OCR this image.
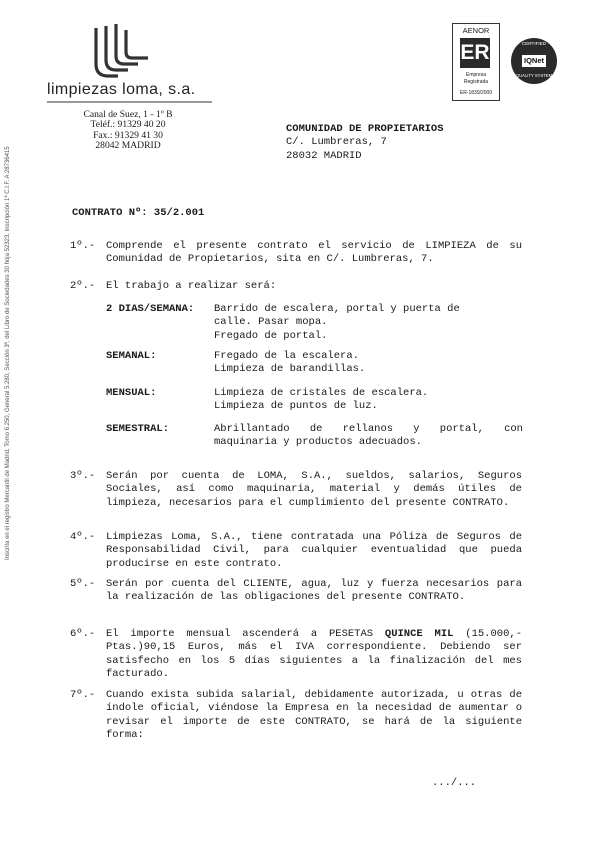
limpiezas loma, s.a.
Canal de Suez, 1 - 1º B
Teléf.: 91329 40 20
Fax.: 91329 41 30
28042 MADRID
AENOR
ER
Empresa
Registrada
ER-1839/2000
CERTIFIED
IQNet
QUALITY SYSTEM
COMUNIDAD DE PROPIETARIOS
C/. Lumbreras, 7
28032 MADRID
Inscrita en el registro Mercantil de Madrid, Tomo 6.250, General 5.280, Sección 3ª, del Libro de Sociedades 30 hoja 52323, Inscripción 1ª C.I.F. A 28736415	CONTRATO Nº: 35/2.001
1º.- Comprende el presente contrato el servicio de LIMPIEZA de su Comunidad de Propietarios, sita en C/. Lumbreras, 7.
2º.- El trabajo a realizar será:
2 DIAS/SEMANA: Barrido de escalera, portal y puerta de
calle. Pasar mopa.
Fregado de portal.
SEMANAL:	Fregado de la escalera.
Limpieza de barandillas.
MENSUAL:	Limpieza de cristales de escalera.
Limpieza de puntos de luz.
SEMESTRAL:	Abrillantado de rellanos y portal, con
maquinaria y productos adecuados.
3º.- Serán por cuenta de LOMA, S.A., sueldos, salarios, Seguros Sociales, así como maquinaria, material y demás útiles de limpieza, necesarios para el cumplimiento del presente CONTRATO.
4º.- Limpiezas Loma, S.A., tiene contratada una Póliza de Seguros de Responsabilidad Civil, para cualquier eventualidad que pueda producirse en este contrato.
5º.- Serán por cuenta del CLIENTE, agua, luz y fuerza necesarios para la realización de las obligaciones del presente CONTRATO.
6º.- El importe mensual ascenderá a PESETAS QUINCE MIL (15.000,- Ptas.)90,15 Euros, más el IVA correspondiente. Debiendo ser satisfecho en los 5 días siguientes a la finalización del mes facturado.
7º.- Cuando exista subida salarial, debidamente autorizada, u otras de índole oficial, viéndose la Empresa en la necesidad de aumentar o revisar el importe de este CONTRATO, se hará de la siguiente forma:
.../...
